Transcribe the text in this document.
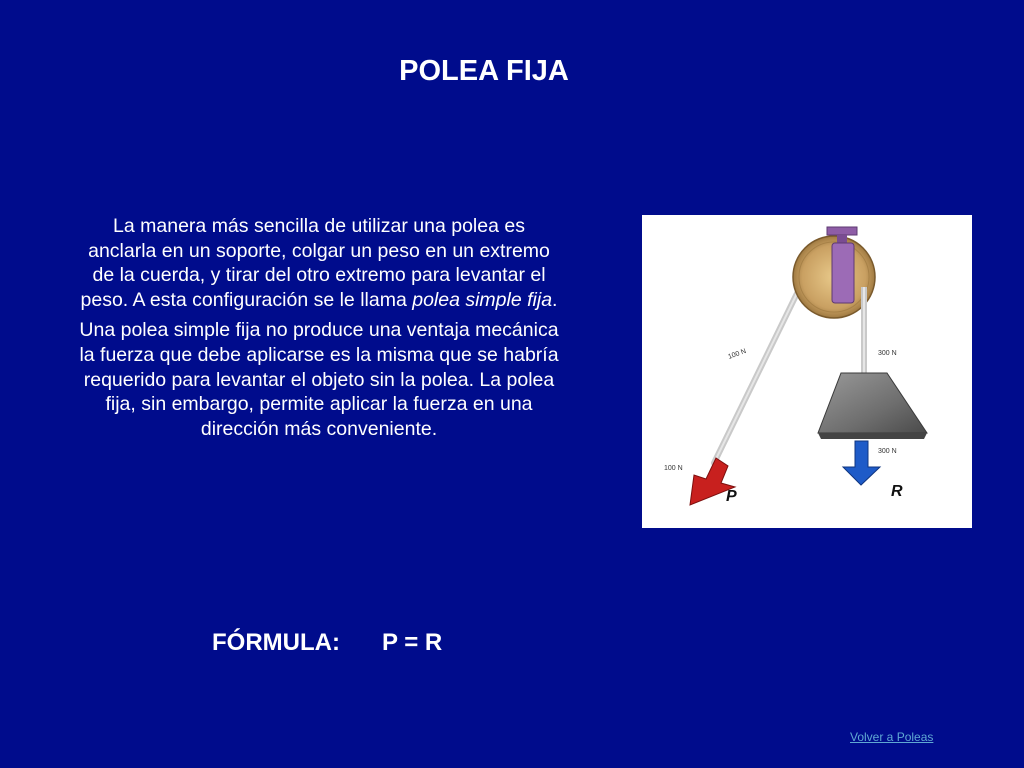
POLEA FIJA

La manera más sencilla de utilizar una polea es anclarla en un soporte, colgar un peso en un extremo de la cuerda, y tirar del otro extremo para levantar el peso. A esta configuración se le llama polea simple fija.

Una polea simple fija no produce una ventaja mecánica la fuerza que debe aplicarse es la misma que se habría requerido para levantar el objeto sin la polea. La polea fija, sin embargo, permite aplicar la fuerza en una dirección más conveniente.

FÓRMULA: P = R
100 N	300 N
100 N
P
300 N
R
Volver a Poleas
